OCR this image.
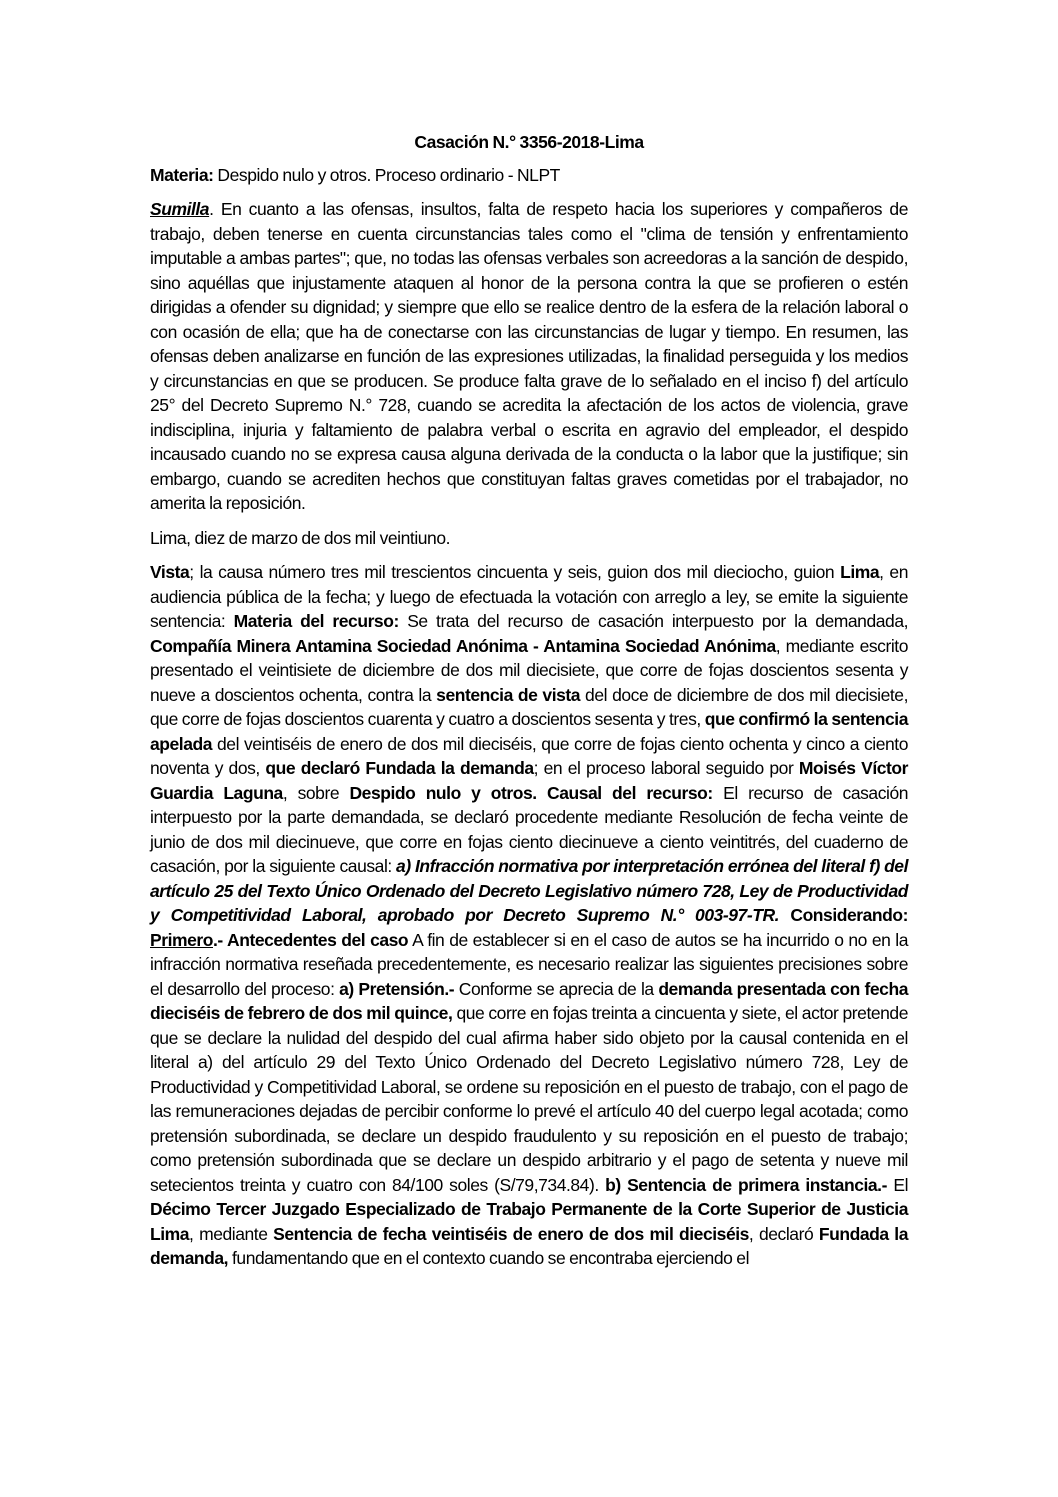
Casación N.° 3356-2018-Lima

Materia: Despido nulo y otros. Proceso ordinario - NLPT

Sumilla. En cuanto a las ofensas, insultos, falta de respeto hacia los superiores y compañeros de trabajo, deben tenerse en cuenta circunstancias tales como el "clima de tensión y enfrentamiento imputable a ambas partes"; que, no todas las ofensas verbales son acreedoras a la sanción de despido, sino aquéllas que injustamente ataquen al honor de la persona contra la que se profieren o estén dirigidas a ofender su dignidad; y siempre que ello se realice dentro de la esfera de la relación laboral o con ocasión de ella; que ha de conectarse con las circunstancias de lugar y tiempo. En resumen, las ofensas deben analizarse en función de las expresiones utilizadas, la finalidad perseguida y los medios y circunstancias en que se producen. Se produce falta grave de lo señalado en el inciso f) del artículo 25° del Decreto Supremo N.° 728, cuando se acredita la afectación de los actos de violencia, grave indisciplina, injuria y faltamiento de palabra verbal o escrita en agravio del empleador, el despido incausado cuando no se expresa causa alguna derivada de la conducta o la labor que la justifique; sin embargo, cuando se acrediten hechos que constituyan faltas graves cometidas por el trabajador, no amerita la reposición.

Lima, diez de marzo de dos mil veintiuno.

Vista; la causa número tres mil trescientos cincuenta y seis, guion dos mil dieciocho, guion Lima, en audiencia pública de la fecha; y luego de efectuada la votación con arreglo a ley, se emite la siguiente sentencia: Materia del recurso: Se trata del recurso de casación interpuesto por la demandada, Compañía Minera Antamina Sociedad Anónima - Antamina Sociedad Anónima, mediante escrito presentado el veintisiete de diciembre de dos mil diecisiete, que corre de fojas doscientos sesenta y nueve a doscientos ochenta, contra la sentencia de vista del doce de diciembre de dos mil diecisiete, que corre de fojas doscientos cuarenta y cuatro a doscientos sesenta y tres, que confirmó la sentencia apelada del veintiséis de enero de dos mil dieciséis, que corre de fojas ciento ochenta y cinco a ciento noventa y dos, que declaró Fundada la demanda; en el proceso laboral seguido por Moisés Víctor Guardia Laguna, sobre Despido nulo y otros. Causal del recurso: El recurso de casación interpuesto por la parte demandada, se declaró procedente mediante Resolución de fecha veinte de junio de dos mil diecinueve, que corre en fojas ciento diecinueve a ciento veintitrés, del cuaderno de casación, por la siguiente causal: a) Infracción normativa por interpretación errónea del literal f) del artículo 25 del Texto Único Ordenado del Decreto Legislativo número 728, Ley de Productividad y Competitividad Laboral, aprobado por Decreto Supremo N.° 003-97-TR. Considerando: Primero.- Antecedentes del caso A fin de establecer si en el caso de autos se ha incurrido o no en la infracción normativa reseñada precedentemente, es necesario realizar las siguientes precisiones sobre el desarrollo del proceso: a) Pretensión.- Conforme se aprecia de la demanda presentada con fecha dieciséis de febrero de dos mil quince, que corre en fojas treinta a cincuenta y siete, el actor pretende que se declare la nulidad del despido del cual afirma haber sido objeto por la causal contenida en el literal a) del artículo 29 del Texto Único Ordenado del Decreto Legislativo número 728, Ley de Productividad y Competitividad Laboral, se ordene su reposición en el puesto de trabajo, con el pago de las remuneraciones dejadas de percibir conforme lo prevé el artículo 40 del cuerpo legal acotada; como pretensión subordinada, se declare un despido fraudulento y su reposición en el puesto de trabajo; como pretensión subordinada que se declare un despido arbitrario y el pago de setenta y nueve mil setecientos treinta y cuatro con 84/100 soles (S/79,734.84). b) Sentencia de primera instancia.- El Décimo Tercer Juzgado Especializado de Trabajo Permanente de la Corte Superior de Justicia Lima, mediante Sentencia de fecha veintiséis de enero de dos mil dieciséis, declaró Fundada la demanda, fundamentando que en el contexto cuando se encontraba ejerciendo el
